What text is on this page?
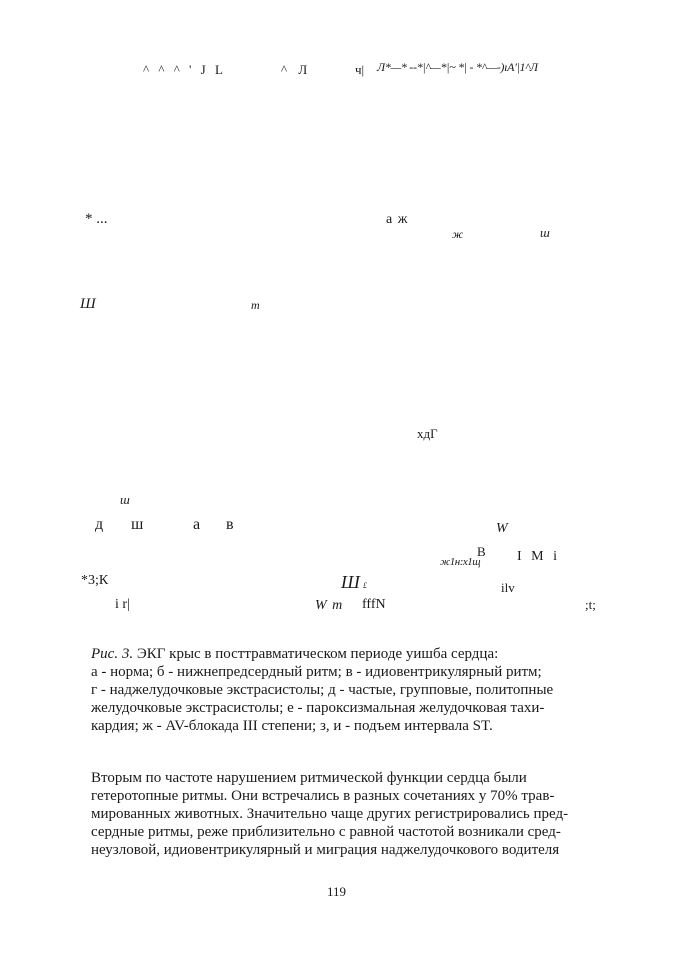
^ ^ ^ ' J L	^ Л	ч| Л*—* --*|^—*|~ *| - *^—-)ıA'|1^Л
* ...	а ж
ж	ш
Ш	т
хдГ
ш
д ш	а в	W
В
ж1н:х1щ	I M i
*3;К	Ш £	ilv
i r|	W m fffN	;t;
Рис. 3. ЭКГ крыс в посттравматическом периоде уишба сердца:
а - норма; б - нижнепредсердный ритм; в - идиовентрикулярный ритм;
г - наджелудочковые экстрасистолы; д - частые, групповые, политопные
желудочковые экстрасистолы; е - пароксизмальная желудочковая тахи-
кардия; ж - AV-блокада III степени; з, и - подъем интервала ST.
Вторым по частоте нарушением ритмической функции сердца были
гетеротопные ритмы. Они встречались в разных сочетаниях у 70% трав-
мированных животных. Значительно чаще других регистрировались пред-
сердные ритмы, реже приблизительно с равной частотой возникали сред-
неузловой, идиовентрикулярный и миграция наджелудочкового водителя
119
